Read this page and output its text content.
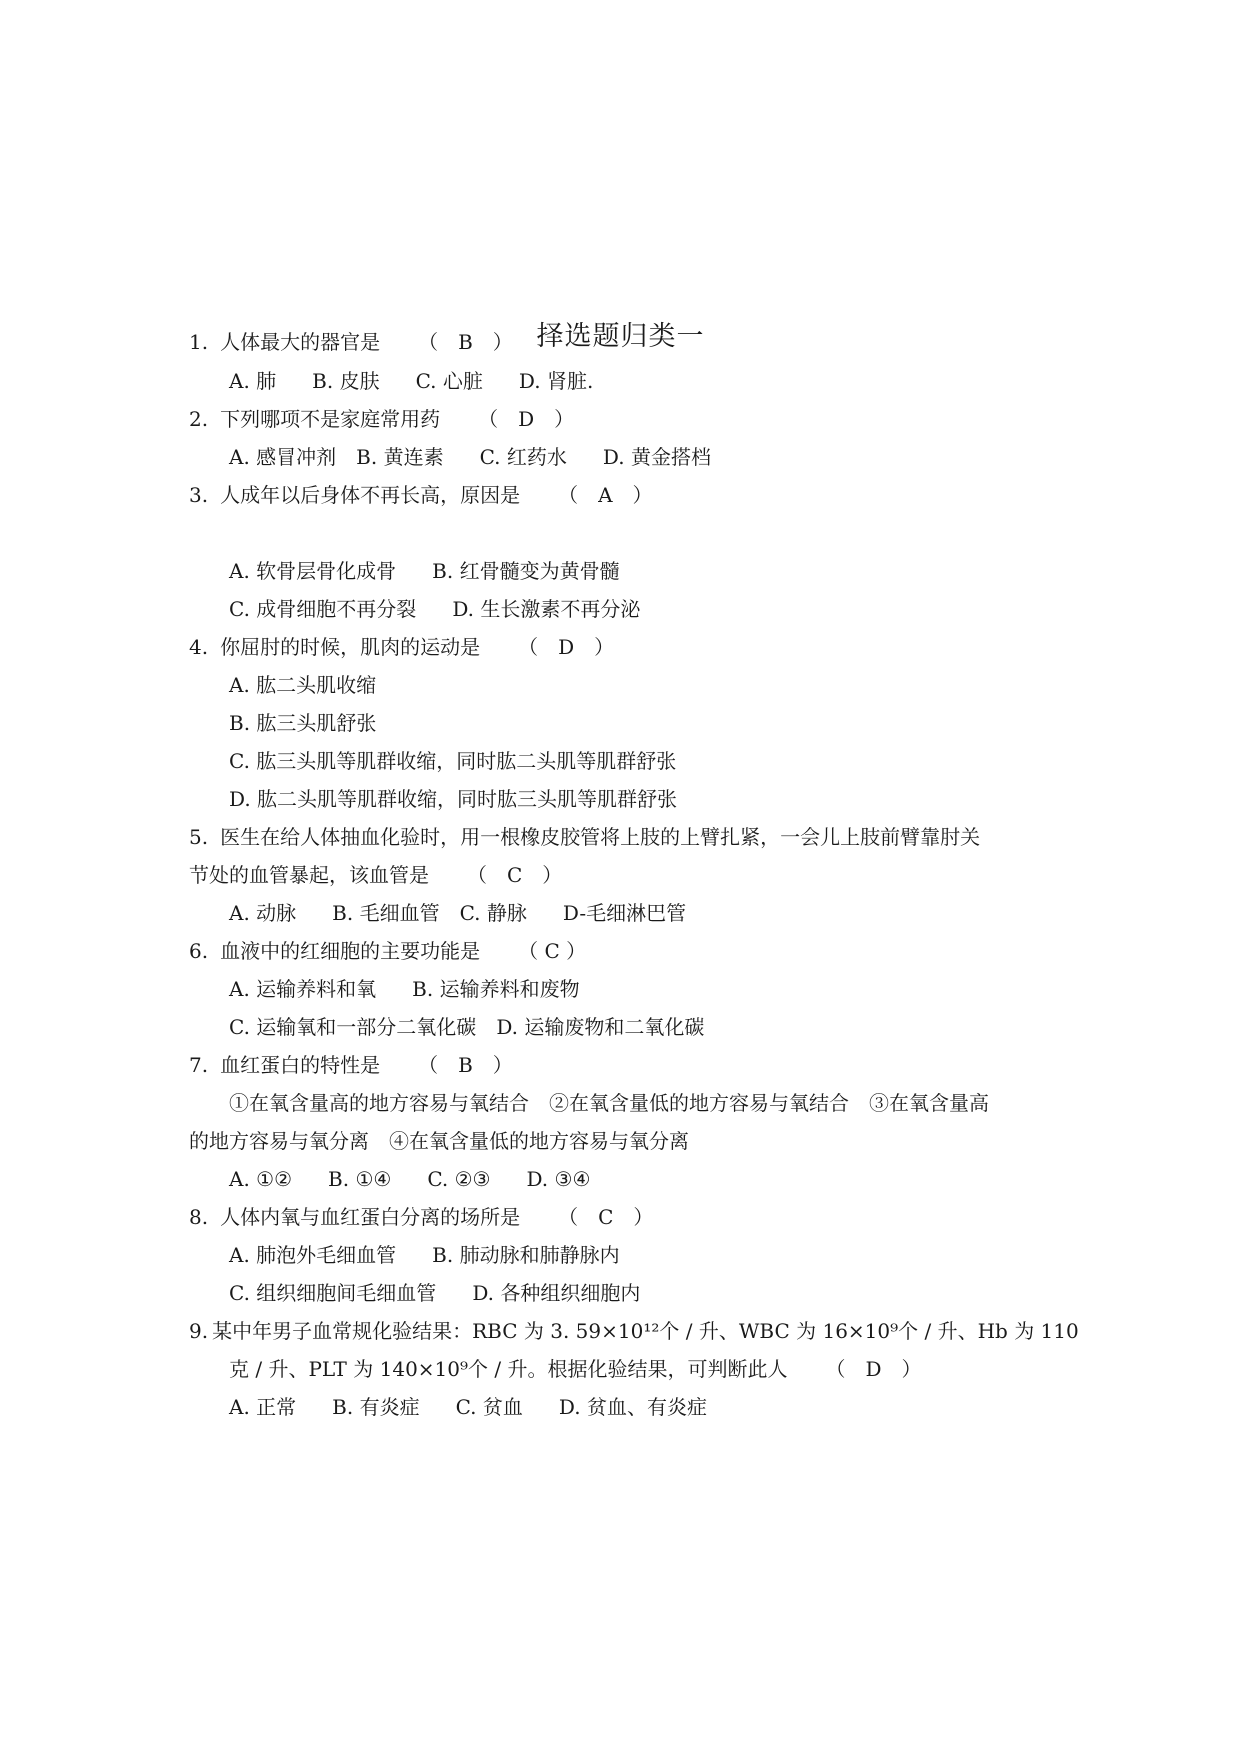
择选题归类一

1. 人体最大的器官是 （　B　）

A. 肺 B. 皮肤 C. 心脏 D. 肾脏.

2. 下列哪项不是家庭常用药 （　D　）

A. 感冒冲剂 B. 黄连素 C. 红药水 D. 黄金搭档

3. 人成年以后身体不再长高，原因是 （　A　）

A. 软骨层骨化成骨 B. 红骨髓变为黄骨髓

C. 成骨细胞不再分裂 D. 生长激素不再分泌

4. 你屈肘的时候，肌肉的运动是 （　D　）

A. 肱二头肌收缩

B. 肱三头肌舒张

C. 肱三头肌等肌群收缩，同时肱二头肌等肌群舒张

D. 肱二头肌等肌群收缩，同时肱三头肌等肌群舒张

5. 医生在给人体抽血化验时，用一根橡皮胶管将上肢的上臂扎紧，一会儿上肢前臂靠肘关

节处的血管暴起，该血管是 （　C　）

A. 动脉 B. 毛细血管 C. 静脉 D-毛细淋巴管

6. 血液中的红细胞的主要功能是 （ C ）

A. 运输养料和氧 B. 运输养料和废物

C. 运输氧和一部分二氧化碳 D. 运输废物和二氧化碳

7. 血红蛋白的特性是 （　B　）

①在氧含量高的地方容易与氧结合　②在氧含量低的地方容易与氧结合　③在氧含量高

的地方容易与氧分离　④在氧含量低的地方容易与氧分离

A. ①② B. ①④ C. ②③ D. ③④

8. 人体内氧与血红蛋白分离的场所是 （　C　）

A. 肺泡外毛细血管 B. 肺动脉和肺静脉内

C. 组织细胞间毛细血管 D. 各种组织细胞内

9. 某中年男子血常规化验结果：RBC 为 3. 59×10¹²个 / 升、WBC 为 16×10⁹个 / 升、Hb 为 110

克 / 升、PLT 为 140×10⁹个 / 升。根据化验结果，可判断此人 （　D　）

A. 正常 B. 有炎症 C. 贫血 D. 贫血、有炎症
